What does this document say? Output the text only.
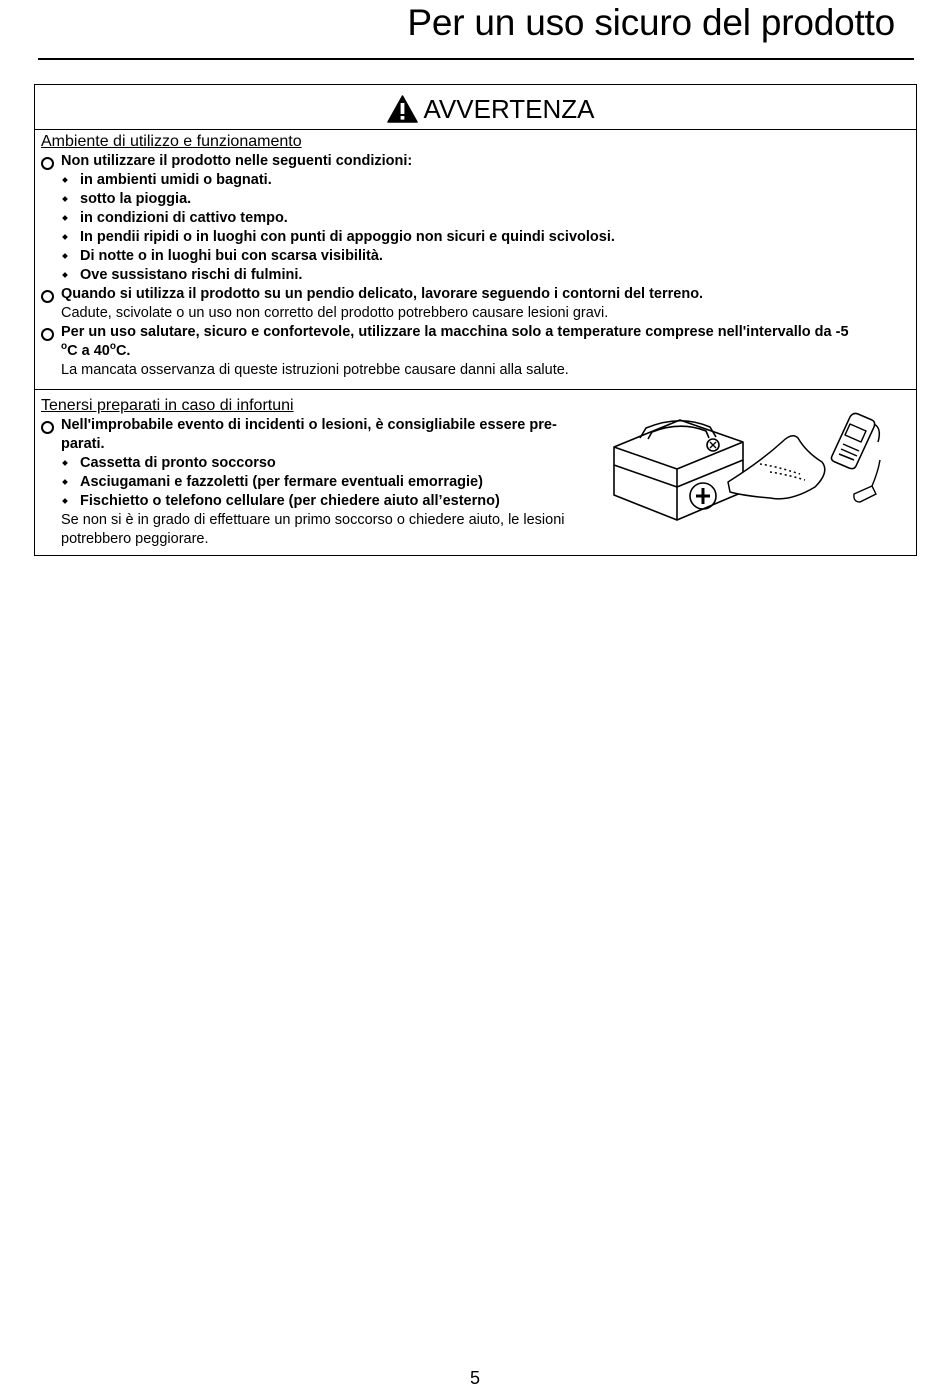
Per un uso sicuro del prodotto
AVVERTENZA
Ambiente di utilizzo e funzionamento
Non utilizzare il prodotto nelle seguenti condizioni:
in ambienti umidi o bagnati.
sotto la pioggia.
in condizioni di cattivo tempo.
In pendii ripidi o in luoghi con punti di appoggio non sicuri e quindi scivolosi.
Di notte o in luoghi bui con scarsa visibilità.
Ove sussistano rischi di fulmini.
Quando si utilizza il prodotto su un pendio delicato, lavorare seguendo i contorni del terreno.
Cadute, scivolate o un uso non corretto del prodotto potrebbero causare lesioni gravi.
Per un uso salutare, sicuro e confortevole, utilizzare la macchina solo a temperature comprese nell'intervallo da -5
$^o$C a 40$^o$C.
La mancata osservanza di queste istruzioni potrebbe causare danni alla salute.
Tenersi preparati in caso di infortuni
Nell'improbabile evento di incidenti o lesioni, è consigliabile essere pre-
parati.
Cassetta di pronto soccorso
Asciugamani e fazzoletti (per fermare eventuali emorragie)
Fischietto o telefono cellulare (per chiedere aiuto all’esterno)
Se non si è in grado di effettuare un primo soccorso o chiedere aiuto, le lesioni
potrebbero peggiorare.
5
